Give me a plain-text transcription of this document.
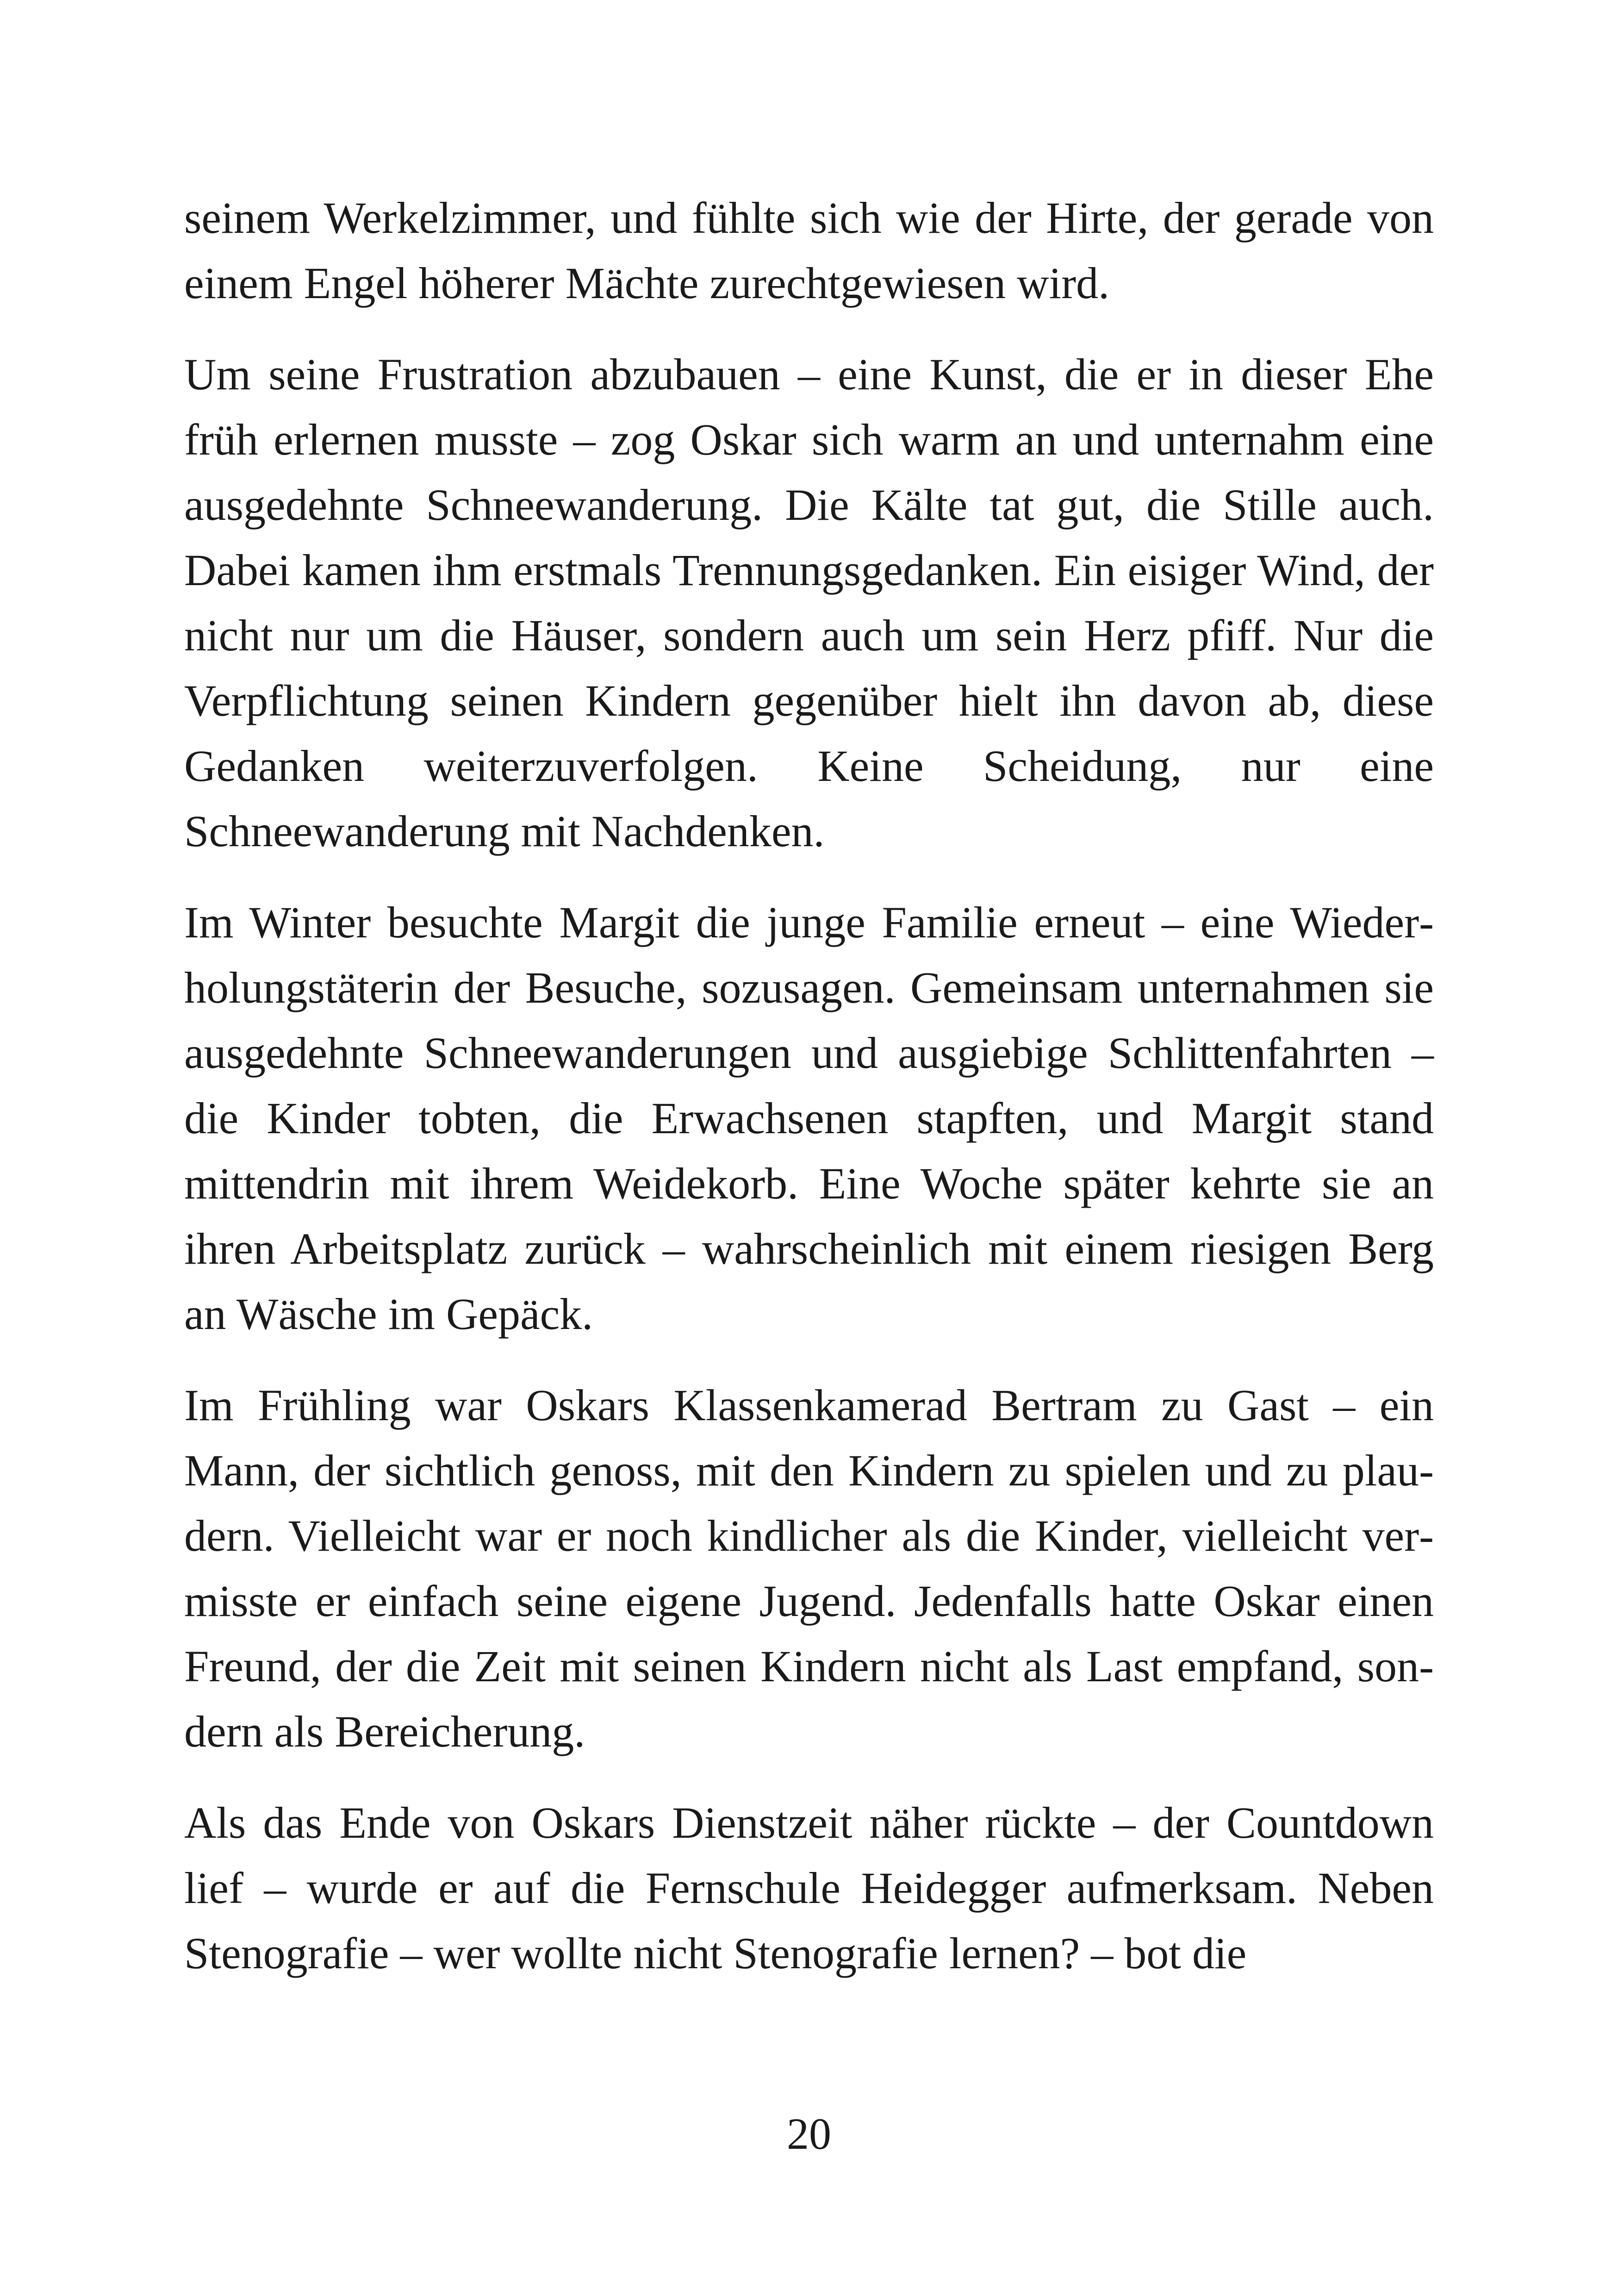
seinem Werkelzimmer, und fühlte sich wie der Hirte, der gerade von einem Engel höherer Mächte zurechtgewiesen wird.

Um seine Frustration abzubauen – eine Kunst, die er in dieser Ehe früh erlernen musste – zog Oskar sich warm an und unternahm eine ausgedehnte Schneewanderung. Die Kälte tat gut, die Stille auch. Dabei kamen ihm erstmals Trennungsgedanken. Ein eisiger Wind, der nicht nur um die Häuser, sondern auch um sein Herz pfiff. Nur die Verpflichtung seinen Kindern gegenüber hielt ihn davon ab, diese Gedanken weiterzuverfolgen. Keine Scheidung, nur eine Schneewanderung mit Nachdenken.

Im Winter besuchte Margit die junge Familie erneut – eine Wiederholungstäterin der Besuche, sozusagen. Gemeinsam unternahmen sie ausgedehnte Schneewanderungen und ausgiebige Schlittenfahrten – die Kinder tobten, die Erwachsenen stapften, und Margit stand mittendrin mit ihrem Weidekorb. Eine Woche später kehrte sie an ihren Arbeitsplatz zurück – wahrscheinlich mit einem riesigen Berg an Wäsche im Gepäck.

Im Frühling war Oskars Klassenkamerad Bertram zu Gast – ein Mann, der sichtlich genoss, mit den Kindern zu spielen und zu plaudern. Vielleicht war er noch kindlicher als die Kinder, vielleicht vermisste er einfach seine eigene Jugend. Jedenfalls hatte Oskar einen Freund, der die Zeit mit seinen Kindern nicht als Last empfand, sondern als Bereicherung.

Als das Ende von Oskars Dienstzeit näher rückte – der Countdown lief – wurde er auf die Fernschule Heidegger aufmerksam. Neben Stenografie – wer wollte nicht Stenografie lernen? – bot die

20
